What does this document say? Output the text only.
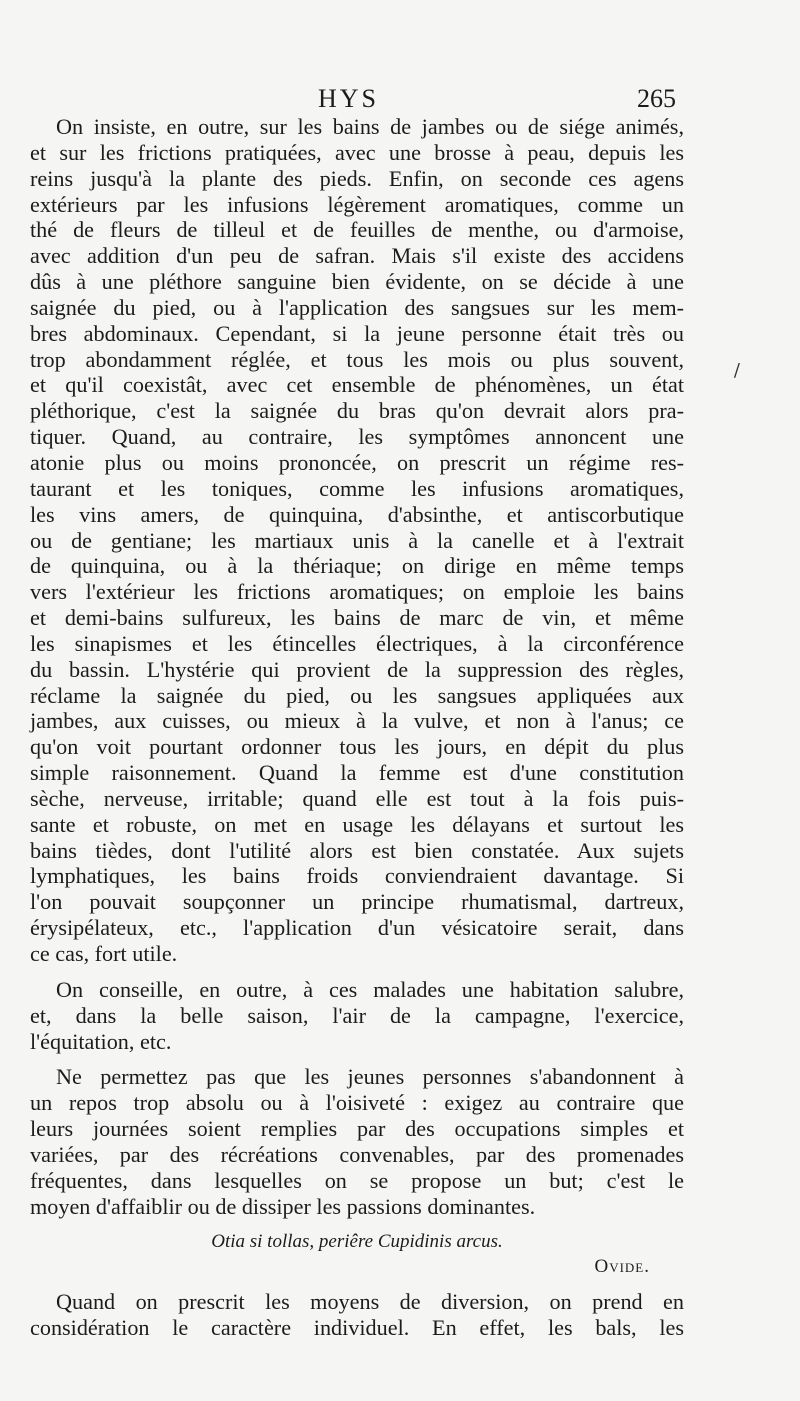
HYS	265
/

On insiste, en outre, sur les bains de jambes ou de siége animés,
et sur les frictions pratiquées, avec une brosse à peau, depuis les
reins jusqu'à la plante des pieds. Enfin, on seconde ces agens
extérieurs par les infusions légèrement aromatiques, comme un
thé de fleurs de tilleul et de feuilles de menthe, ou d'armoise,
avec addition d'un peu de safran. Mais s'il existe des accidens
dûs à une pléthore sanguine bien évidente, on se décide à une
saignée du pied, ou à l'application des sangsues sur les mem-
bres abdominaux. Cependant, si la jeune personne était très ou
trop abondamment réglée, et tous les mois ou plus souvent,
et qu'il coexistât, avec cet ensemble de phénomènes, un état
pléthorique, c'est la saignée du bras qu'on devrait alors pra-
tiquer. Quand, au contraire, les symptômes annoncent une
atonie plus ou moins prononcée, on prescrit un régime res-
taurant et les toniques, comme les infusions aromatiques,
les vins amers, de quinquina, d'absinthe, et antiscorbutique
ou de gentiane; les martiaux unis à la canelle et à l'extrait
de quinquina, ou à la thériaque; on dirige en même temps
vers l'extérieur les frictions aromatiques; on emploie les bains
et demi-bains sulfureux, les bains de marc de vin, et même
les sinapismes et les étincelles électriques, à la circonférence
du bassin. L'hystérie qui provient de la suppression des règles,
réclame la saignée du pied, ou les sangsues appliquées aux
jambes, aux cuisses, ou mieux à la vulve, et non à l'anus; ce
qu'on voit pourtant ordonner tous les jours, en dépit du plus
simple raisonnement. Quand la femme est d'une constitution
sèche, nerveuse, irritable; quand elle est tout à la fois puis-
sante et robuste, on met en usage les délayans et surtout les
bains tièdes, dont l'utilité alors est bien constatée. Aux sujets
lymphatiques, les bains froids conviendraient davantage. Si
l'on pouvait soupçonner un principe rhumatismal, dartreux,
érysipélateux, etc., l'application d'un vésicatoire serait, dans
ce cas, fort utile.

On conseille, en outre, à ces malades une habitation salubre,
et, dans la belle saison, l'air de la campagne, l'exercice,
l'équitation, etc.

Ne permettez pas que les jeunes personnes s'abandonnent à
un repos trop absolu ou à l'oisiveté : exigez au contraire que
leurs journées soient remplies par des occupations simples et
variées, par des récréations convenables, par des promenades
fréquentes, dans lesquelles on se propose un but; c'est le
moyen d'affaiblir ou de dissiper les passions dominantes.

Otia si tollas, periêre Cupidinis arcus.
Ovide.

Quand on prescrit les moyens de diversion, on prend en
considération le caractère individuel. En effet, les bals, les
